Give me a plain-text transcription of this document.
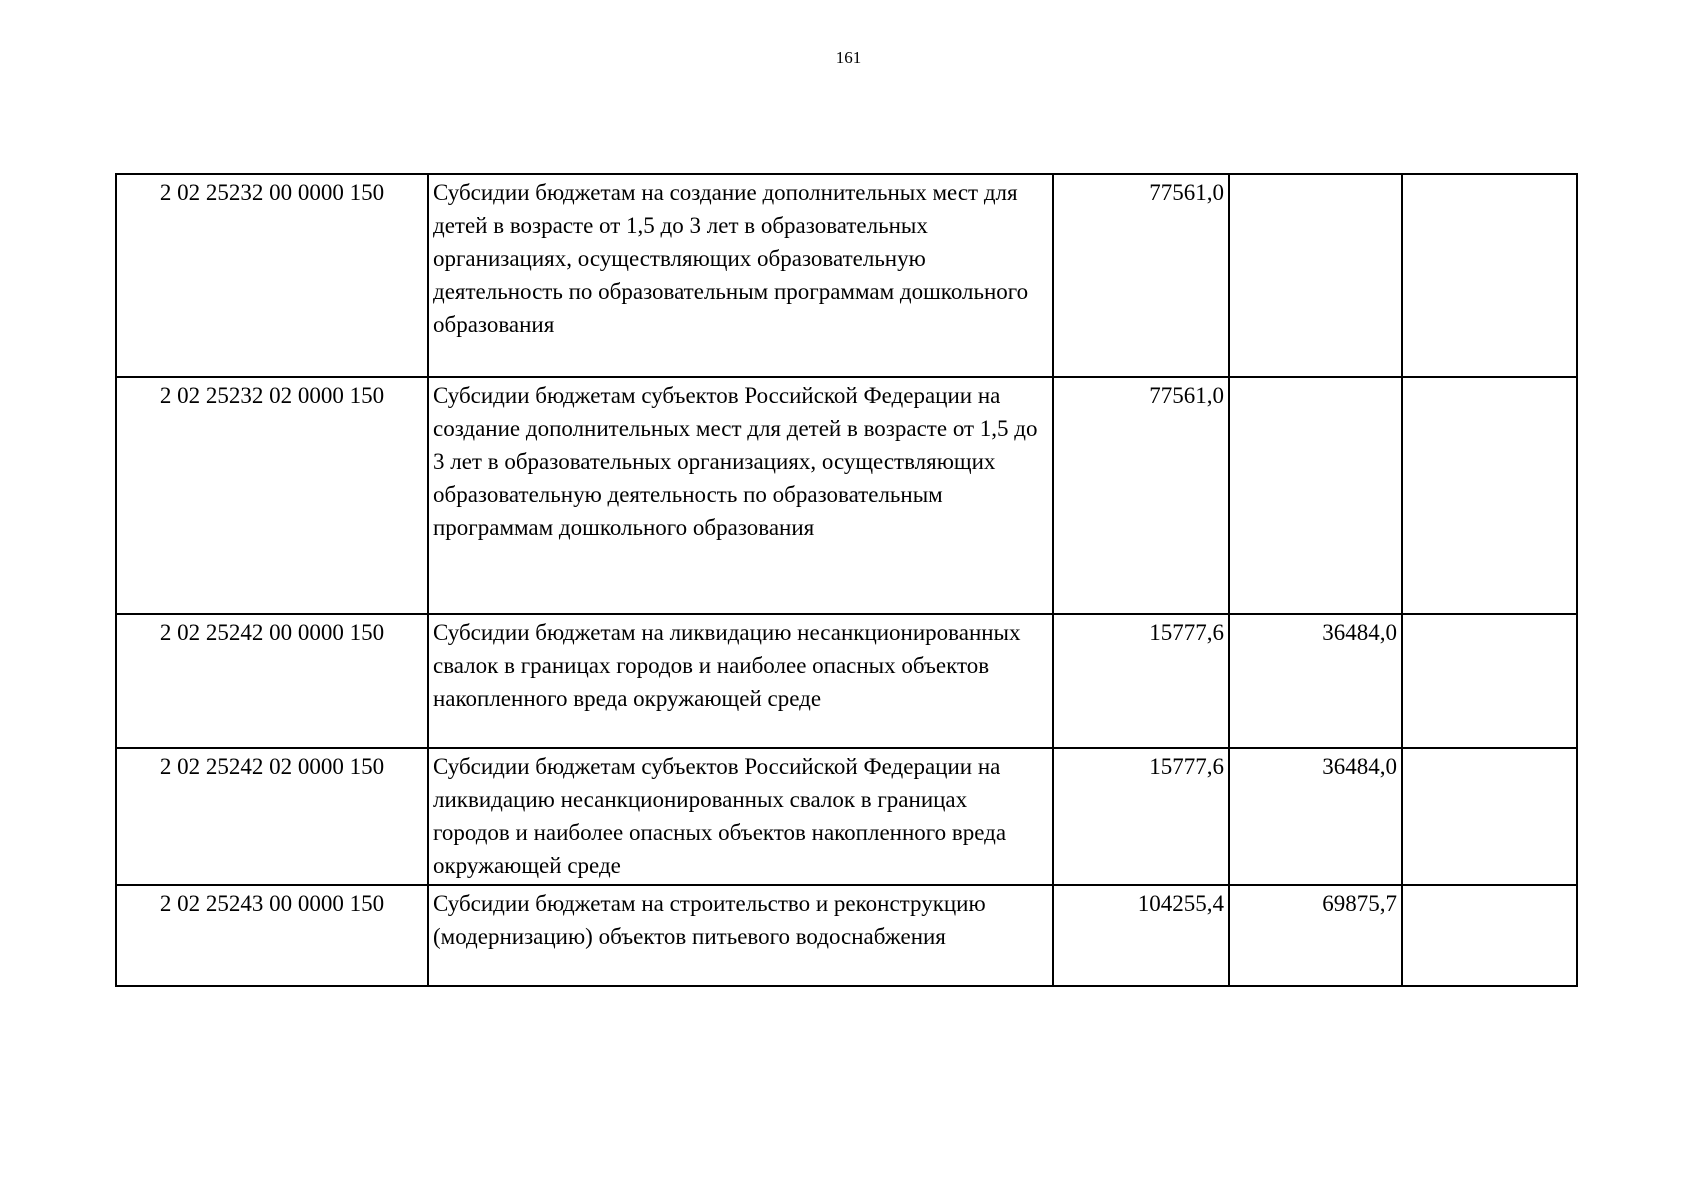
161
2 02 25232 00 0000 150	Субсидии бюджетам на создание дополнительных мест для детей в возрасте от 1,5 до 3 лет в образовательных организациях, осуществляющих образовательную деятельность по образовательным программам дошкольного образования	77561,0		
2 02 25232 02 0000 150	Субсидии бюджетам субъектов Российской Федерации на создание дополнительных мест для детей в возрасте от 1,5 до 3 лет в образовательных организациях, осуществляющих образовательную деятельность по образовательным программам дошкольного образования	77561,0		
2 02 25242 00 0000 150	Субсидии бюджетам на ликвидацию несанкционированных свалок в границах городов и наиболее опасных объектов накопленного вреда окружающей среде	15777,6	36484,0	
2 02 25242 02 0000 150	Субсидии бюджетам субъектов Российской Федерации на ликвидацию несанкционированных свалок в границах городов и наиболее опасных объектов накопленного вреда окружающей среде	15777,6	36484,0	
2 02 25243 00 0000 150	Субсидии бюджетам на строительство и реконструкцию (модернизацию) объектов питьевого водоснабжения	104255,4	69875,7	
